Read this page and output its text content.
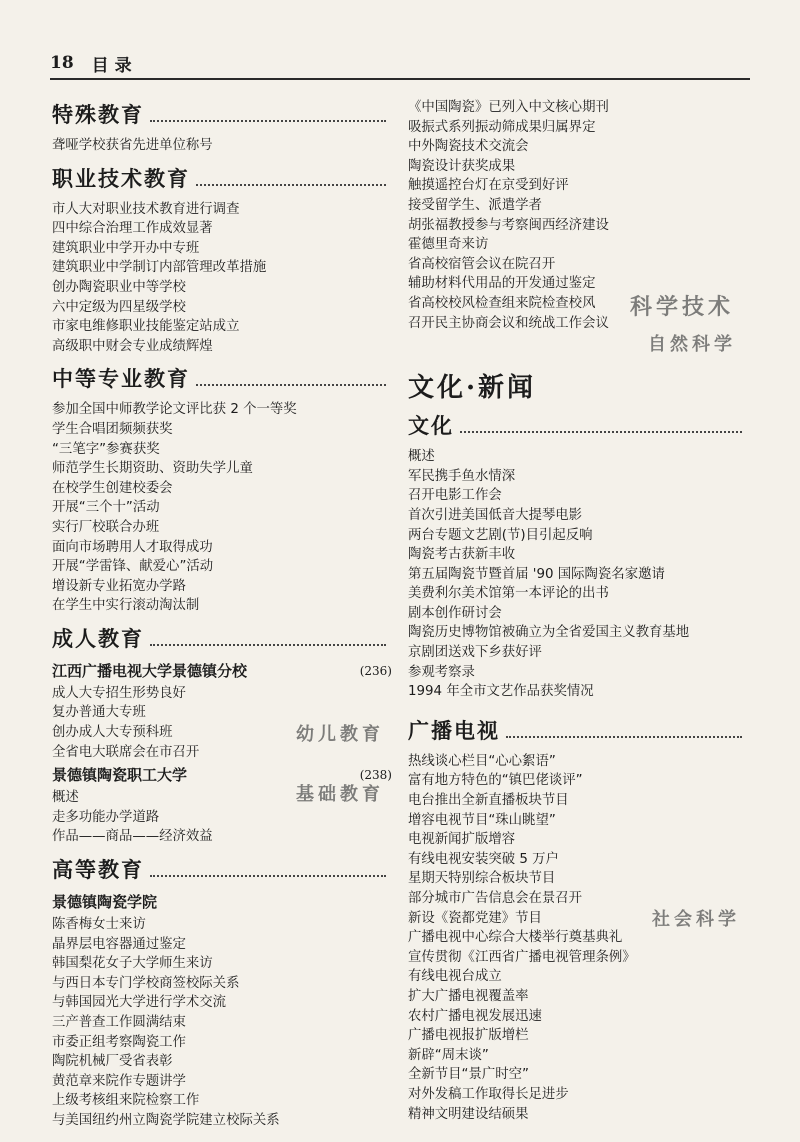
18 目 录
科学技术
自然科学
幼儿教育
基础教育
社会科学
特殊教育
聋哑学校获省先进单位称号
职业技术教育
市人大对职业技术教育进行调查
四中综合治理工作成效显著
建筑职业中学开办中专班
建筑职业中学制订内部管理改革措施
创办陶瓷职业中等学校
六中定级为四星级学校
市家电维修职业技能鉴定站成立
高级职中财会专业成绩辉煌
中等专业教育
参加全国中师教学论文评比获 2 个一等奖
学生合唱团频频获奖
“三笔字”参赛获奖
师范学生长期资助、资助失学儿童
在校学生创建校委会
开展“三个十”活动
实行厂校联合办班
面向市场聘用人才取得成功
开展“学雷锋、献爱心”活动
增设新专业拓宽办学路
在学生中实行滚动淘汰制
成人教育
江西广播电视大学景德镇分校	(236)
成人大专招生形势良好
复办普通大专班
创办成人大专预科班
全省电大联席会在市召开
景德镇陶瓷职工大学	(238)
概述
走多功能办学道路
作品——商品——经济效益
高等教育
景德镇陶瓷学院
陈香梅女士来访
晶界层电容器通过鉴定
韩国梨花女子大学师生来访
与西日本专门学校商签校际关系
与韩国园光大学进行学术交流
三产普查工作圆满结束
市委正组考察陶瓷工作
陶院机械厂受省表彰
黄范章来院作专题讲学
上级考核组来院检察工作
与美国纽约州立陶瓷学院建立校际关系
《中国陶瓷》已列入中文核心期刊
吸振式系列振动筛成果归属界定
中外陶瓷技术交流会
陶瓷设计获奖成果
触摸遥控台灯在京受到好评
接受留学生、派遣学者
胡张福教授参与考察闽西经济建设
霍德里奇来访
省高校宿管会议在院召开
辅助材料代用品的开发通过鉴定
省高校校风检查组来院检查校风
召开民主协商会议和统战工作会议
文化·新闻
文化
概述
军民携手鱼水情深
召开电影工作会
首次引进美国低音大提琴电影
两台专题文艺剧(节)目引起反响
陶瓷考古获新丰收
第五届陶瓷节暨首届 '90 国际陶瓷名家邀请
美费利尔美术馆第一本评论的出书
剧本创作研讨会
陶瓷历史博物馆被确立为全省爱国主义教育基地
京剧团送戏下乡获好评
参观考察录
1994 年全市文艺作品获奖情况
广播电视
热线谈心栏目“心心絮语”
富有地方特色的“镇巴佬谈评”
电台推出全新直播板块节目
增容电视节目“珠山眺望”
电视新闻扩版增容
有线电视安装突破 5 万户
星期天特别综合板块节目
部分城市广告信息会在景召开
新设《瓷都党建》节目
广播电视中心综合大楼举行奠基典礼
宣传贯彻《江西省广播电视管理条例》
有线电视台成立
扩大广播电视覆盖率
农村广播电视发展迅速
广播电视报扩版增栏
新辟“周末谈”
全新节目“景广时空”
对外发稿工作取得长足进步
精神文明建设结硕果
